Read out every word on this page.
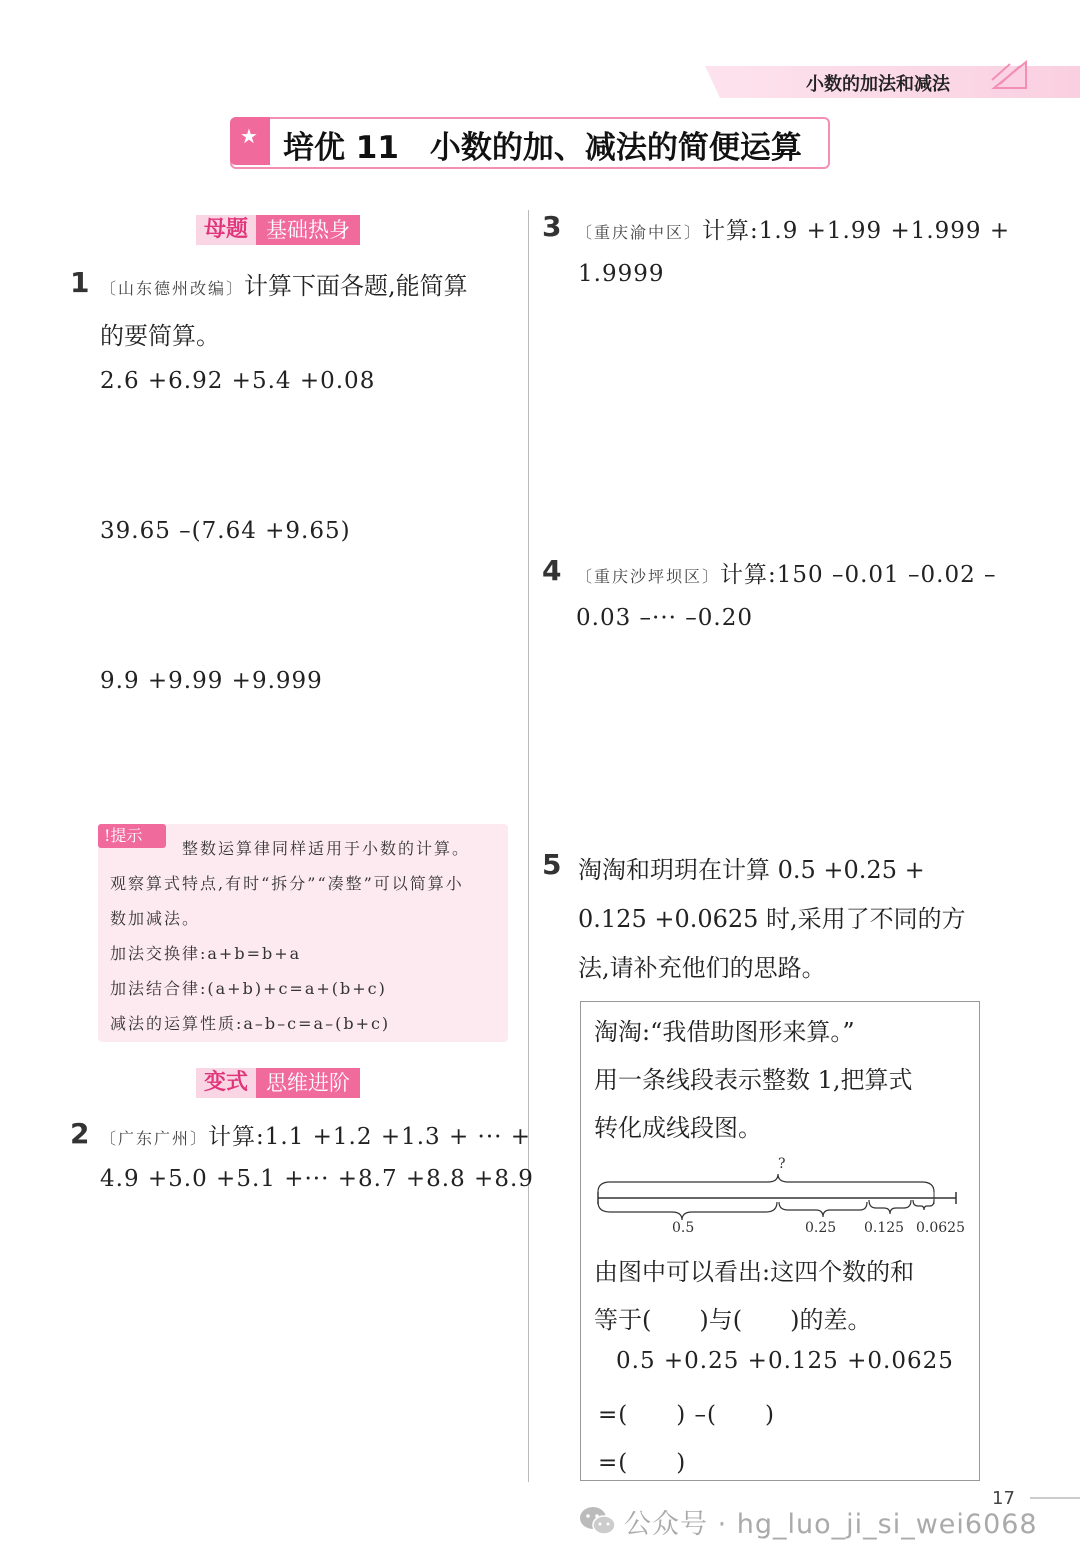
小数的加法和减法
★ 培优 11　小数的加、减法的简便运算
母题 基础热身
1 〔山东德州改编〕计算下面各题,能简算
的要简算。
2.6 +6.92 +5.4 +0.08
39.65 –(7.64 +9.65)
9.9 +9.99 +9.999
!提示
整数运算律同样适用于小数的计算。
观察算式特点,有时“拆分”“凑整”可以简算小
数加减法。
加法交换律:a+b=b+a
加法结合律:(a+b)+c=a+(b+c)
减法的运算性质:a–b–c=a–(b+c)
变式 思维进阶
2 〔广东广州〕计算:1.1 +1.2 +1.3 + ··· +
4.9 +5.0 +5.1 +··· +8.7 +8.8 +8.9
3 〔重庆渝中区〕计算:1.9 +1.99 +1.999 +
1.9999
4 〔重庆沙坪坝区〕计算:150 –0.01 –0.02 –
0.03 –··· –0.20
5 淘淘和玥玥在计算 0.5 +0.25 +
0.125 +0.0625 时,采用了不同的方
法,请补充他们的思路。
淘淘:“我借助图形来算。”
用一条线段表示整数 1,把算式
转化成线段图。
?
0.5	0.25 0.125 0.0625
由图中可以看出:这四个数的和
等于(　　)与(　　)的差。
0.5 +0.25 +0.125 +0.0625
=(　　) –(　　)
=(　　)
17
公众号 · hg_luo_ji_si_wei6068
